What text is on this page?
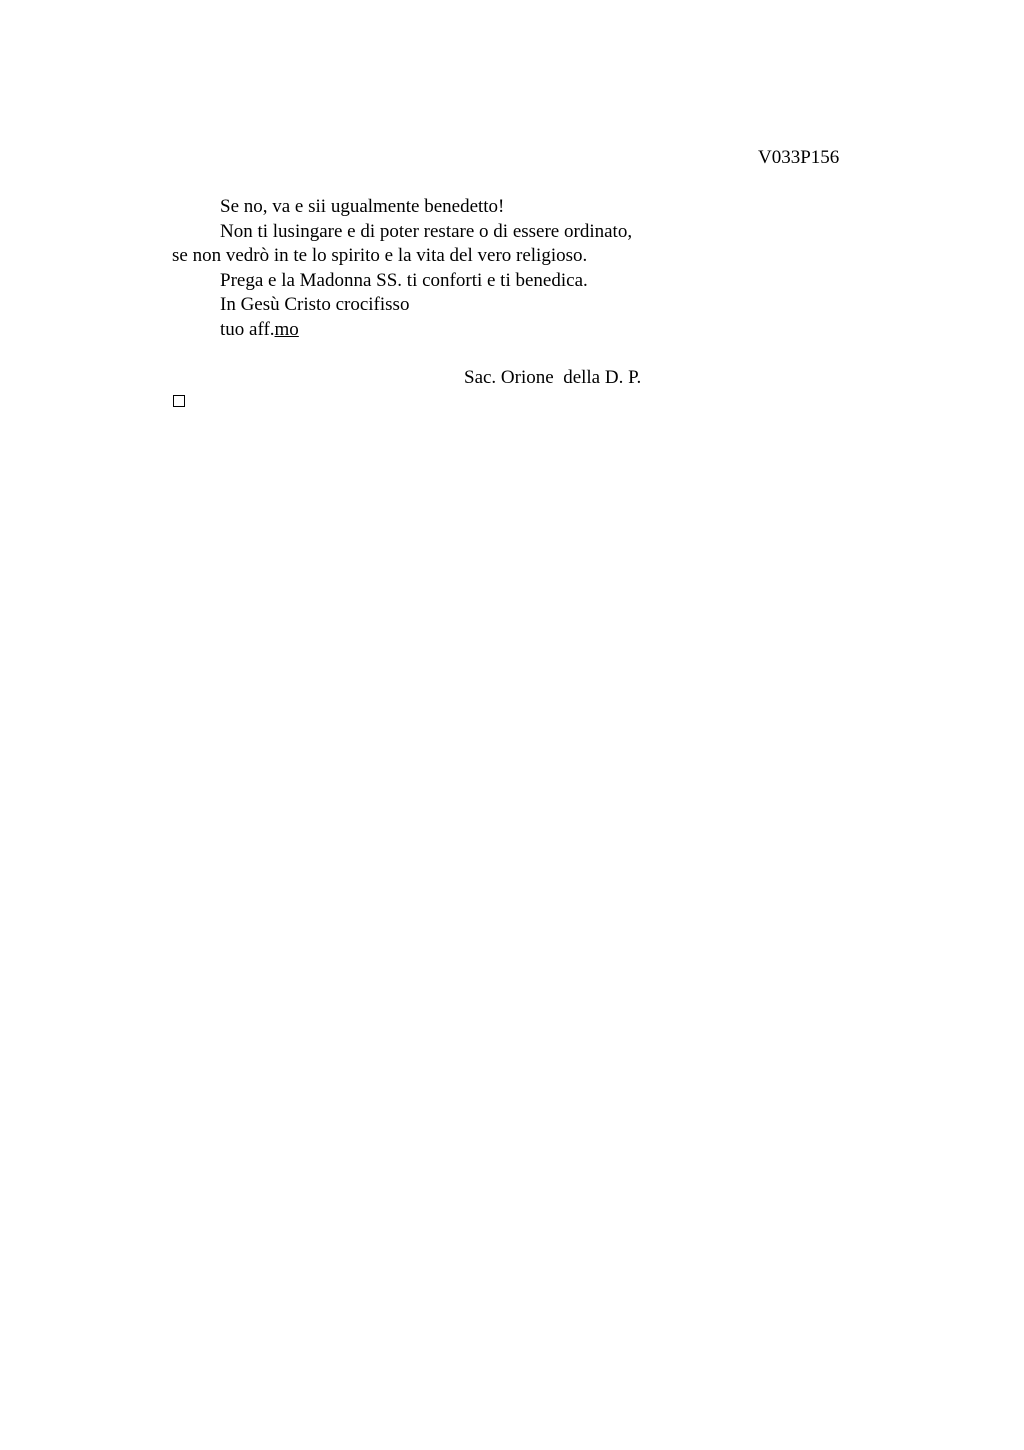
V033P156
Se no, va e sii ugualmente benedetto!
Non ti lusingare e di poter restare o di essere ordinato,
se non vedrò in te lo spirito e la vita del vero religioso.
Prega e la Madonna SS. ti conforti e ti benedica.
In Gesù Cristo crocifisso
tuo aff.mo
Sac. Orione  della D. P.
